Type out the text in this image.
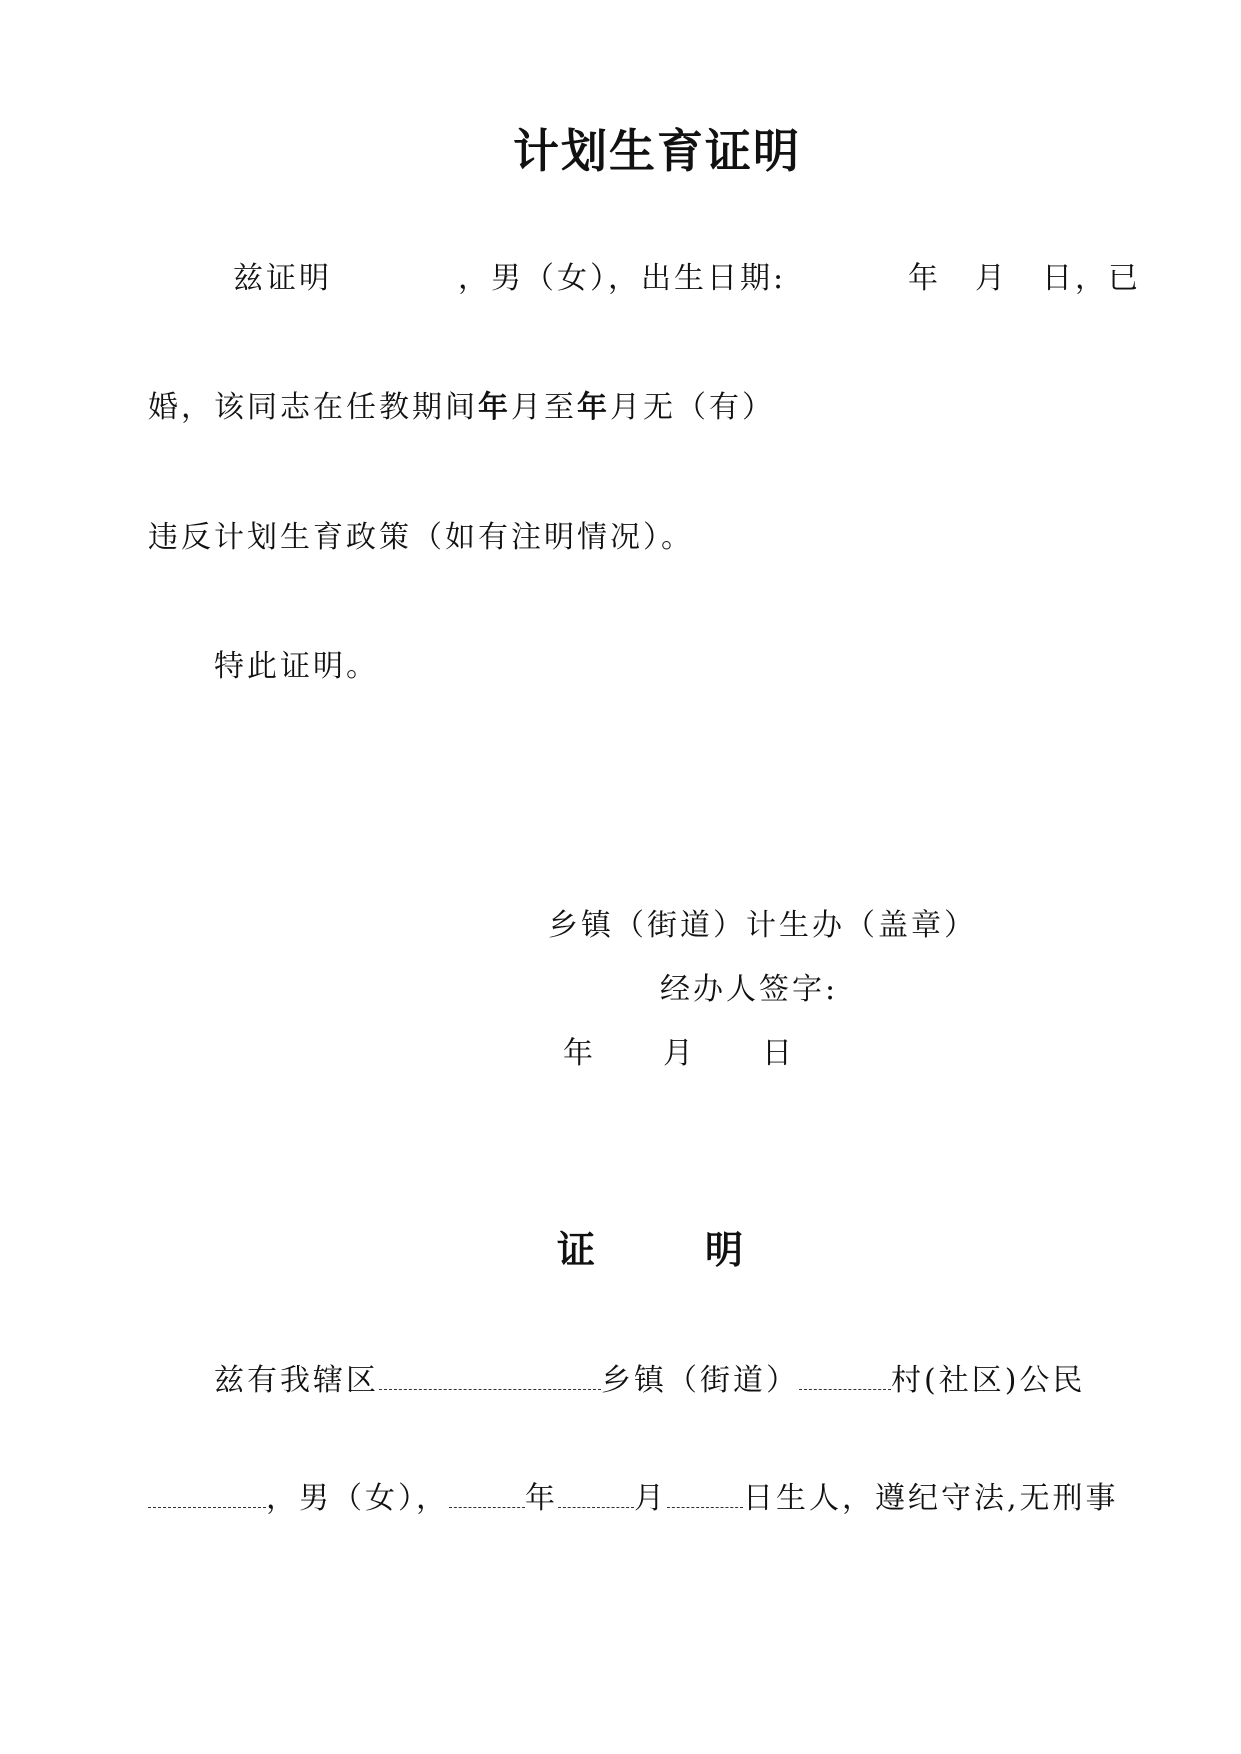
计划生育证明
兹证明	，男（女），出生日期:	年 月 日，已
婚，该同志在任教期间年月至年月无（有）
违反计划生育政策（如有注明情况）。
特此证明。
乡镇（街道）计生办（盖章）
经办人签字:
年 月 日
证	明
兹有我辖区	乡镇（街道）	村(社区)公民
，男（女），	年	月	日生人，遵纪守法,无刑事
